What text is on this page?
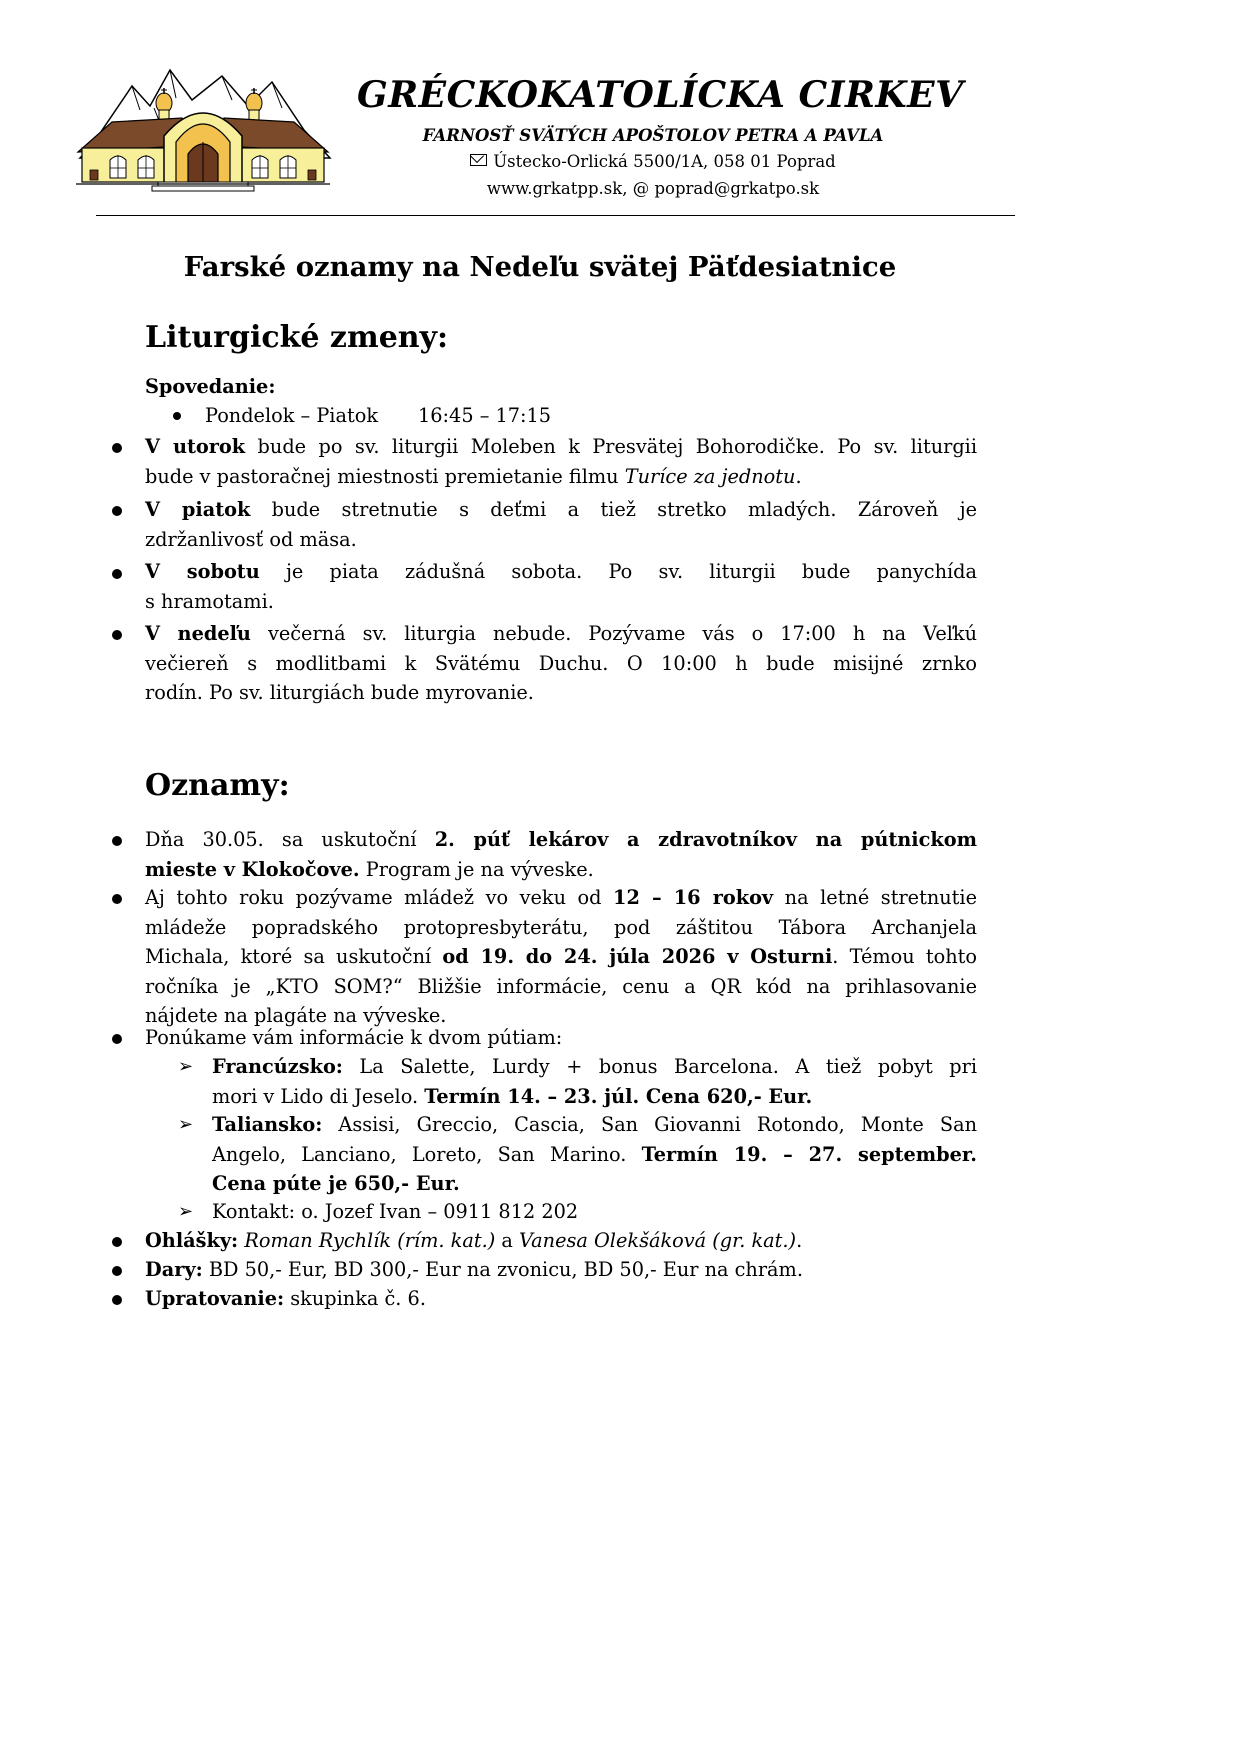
GRÉCKOKATOLÍCKA CIRKEV
FARNOSŤ SVÄTÝCH APOŠTOLOV PETRA A PAVLA
Ústecko-Orlická 5500/1A, 058 01 Poprad
www.grkatpp.sk, @ poprad@grkatpo.sk
Farské oznamy na Nedeľu svätej Päťdesiatnice
Liturgické zmeny:
Spovedanie:
Pondelok – Piatok 16:45 – 17:15
V utorok bude po sv. liturgii Moleben k Presvätej Bohorodičke. Po sv. liturgii
bude v pastoračnej miestnosti premietanie filmu Turíce za jednotu.
V piatok bude stretnutie s deťmi a tiež stretko mladých. Zároveň je
zdržanlivosť od mäsa.
V sobotu je piata zádušná sobota. Po sv. liturgii bude panychída
s hramotami.
V nedeľu večerná sv. liturgia nebude. Pozývame vás o 17:00 h na Veľkú
večiereň s modlitbami k Svätému Duchu. O 10:00 h bude misijné zrnko
rodín. Po sv. liturgiách bude myrovanie.
Oznamy:
Dňa 30.05. sa uskutoční 2. púť lekárov a zdravotníkov na pútnickom
mieste v Klokočove. Program je na výveske.
Aj tohto roku pozývame mládež vo veku od 12 – 16 rokov na letné stretnutie
mládeže popradského protopresbyterátu, pod záštitou Tábora Archanjela
Michala, ktoré sa uskutoční od 19. do 24. júla 2026 v Osturni. Témou tohto
ročníka je „KTO SOM?“ Bližšie informácie, cenu a QR kód na prihlasovanie
nájdete na plagáte na výveske.
Ponúkame vám informácie k dvom pútiam:
➢ Francúzsko: La Salette, Lurdy + bonus Barcelona. A tiež pobyt pri
mori v Lido di Jeselo. Termín 14. – 23. júl. Cena 620,- Eur.
➢ Taliansko: Assisi, Greccio, Cascia, San Giovanni Rotondo, Monte San
Angelo, Lanciano, Loreto, San Marino. Termín 19. – 27. september.
Cena púte je 650,- Eur.
➢ Kontakt: o. Jozef Ivan – 0911 812 202
Ohlášky: Roman Rychlík (rím. kat.) a Vanesa Olekšáková (gr. kat.).
Dary: BD 50,- Eur, BD 300,- Eur na zvonicu, BD 50,- Eur na chrám.
Upratovanie: skupinka č. 6.
